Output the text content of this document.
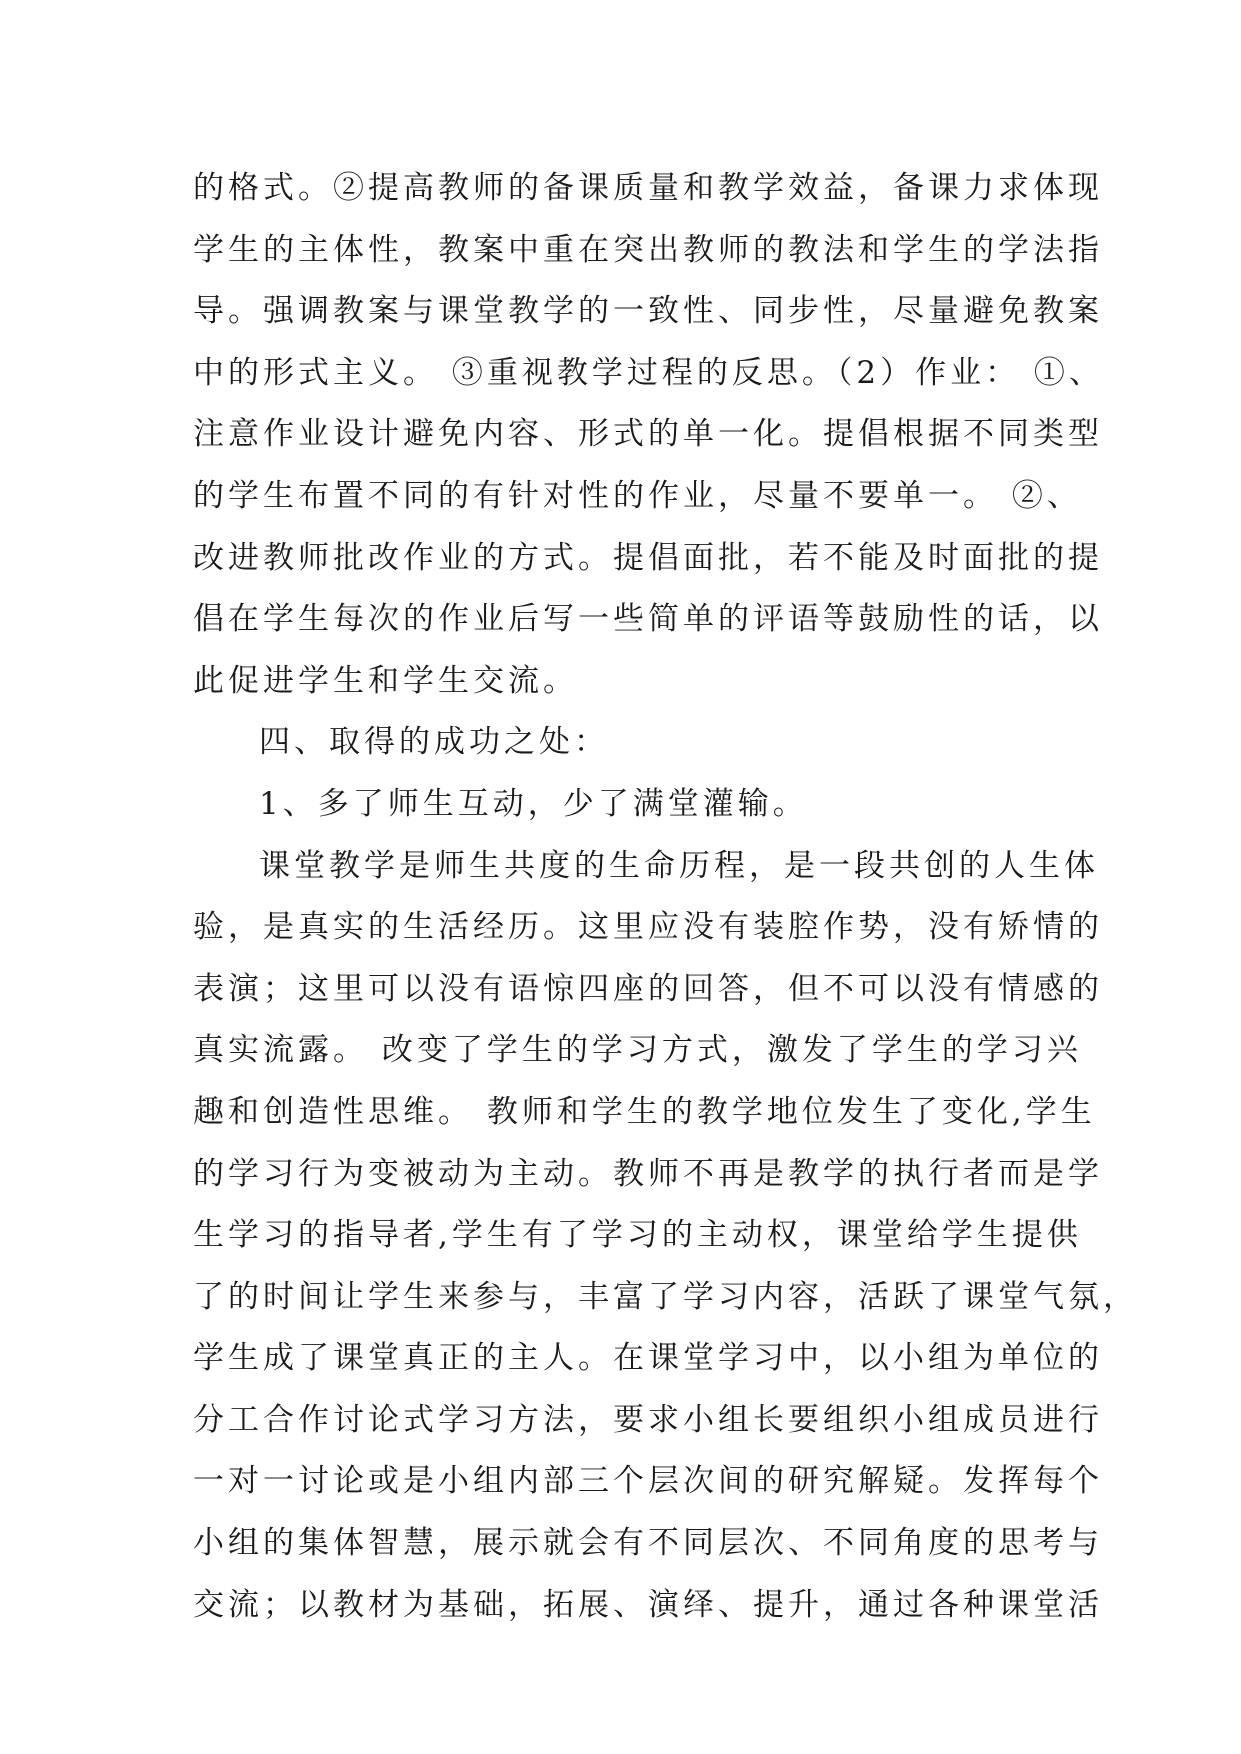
的格式。②提高教师的备课质量和教学效益，备课力求体现
学生的主体性，教案中重在突出教师的教法和学生的学法指
导。强调教案与课堂教学的一致性、同步性，尽量避免教案
中的形式主义。 ③重视教学过程的反思。（2）作业： ①、
注意作业设计避免内容、形式的单一化。提倡根据不同类型
的学生布置不同的有针对性的作业，尽量不要单一。 ②、
改进教师批改作业的方式。提倡面批，若不能及时面批的提
倡在学生每次的作业后写一些简单的评语等鼓励性的话，以
此促进学生和学生交流。
四、取得的成功之处：
1、多了师生互动，少了满堂灌输。
课堂教学是师生共度的生命历程，是一段共创的人生体
验，是真实的生活经历。这里应没有装腔作势，没有矫情的
表演；这里可以没有语惊四座的回答，但不可以没有情感的
真实流露。 改变了学生的学习方式，激发了学生的学习兴
趣和创造性思维。 教师和学生的教学地位发生了变化,学生
的学习行为变被动为主动。教师不再是教学的执行者而是学
生学习的指导者,学生有了学习的主动权，课堂给学生提供
了的时间让学生来参与，丰富了学习内容，活跃了课堂气氛，
学生成了课堂真正的主人。在课堂学习中，以小组为单位的
分工合作讨论式学习方法，要求小组长要组织小组成员进行
一对一讨论或是小组内部三个层次间的研究解疑。发挥每个
小组的集体智慧，展示就会有不同层次、不同角度的思考与
交流；以教材为基础，拓展、演绎、提升，通过各种课堂活
